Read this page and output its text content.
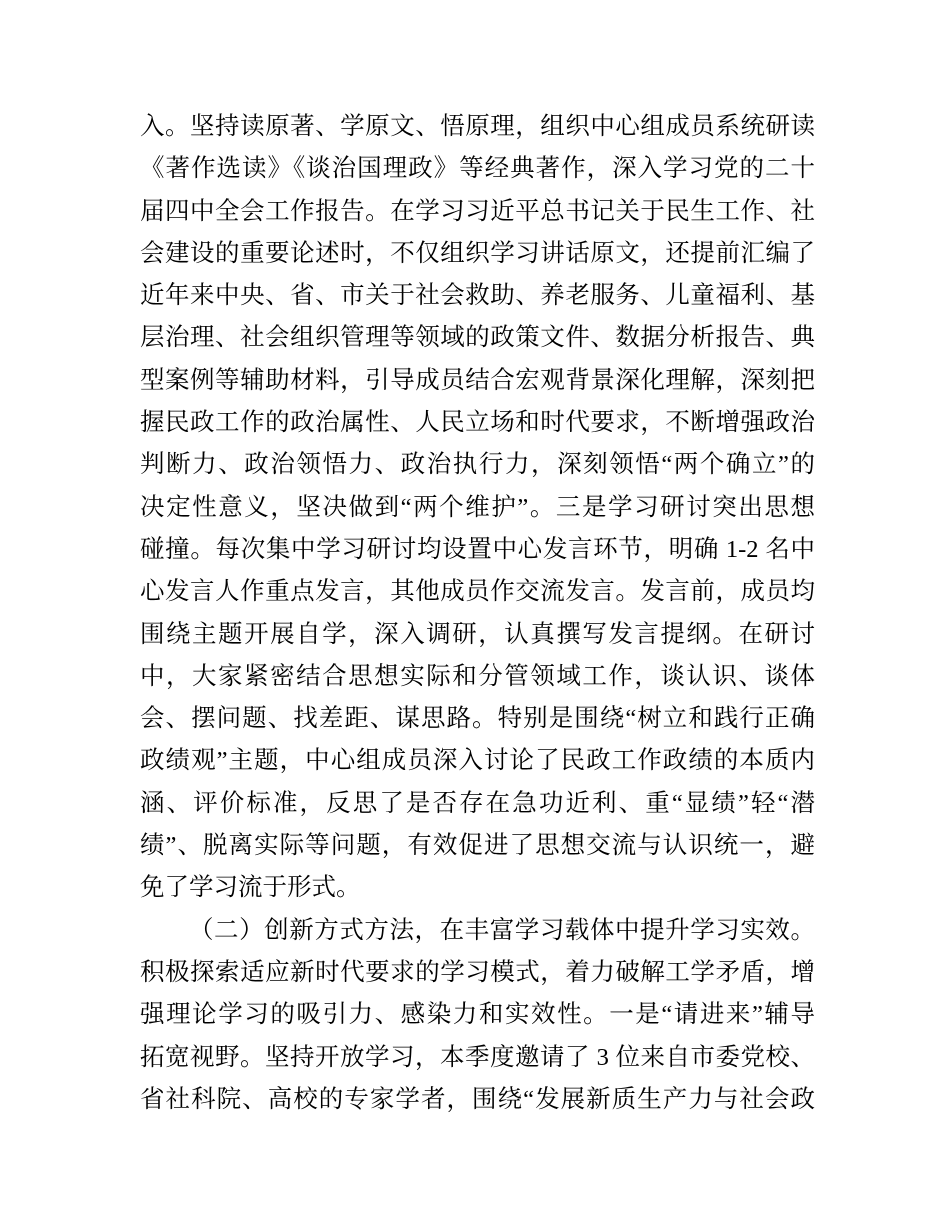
入。坚持读原著、学原文、悟原理，组织中心组成员系统研读
《著作选读》《谈治国理政》等经典著作，深入学习党的二十
届四中全会工作报告。在学习习近平总书记关于民生工作、社
会建设的重要论述时，不仅组织学习讲话原文，还提前汇编了
近年来中央、省、市关于社会救助、养老服务、儿童福利、基
层治理、社会组织管理等领域的政策文件、数据分析报告、典
型案例等辅助材料，引导成员结合宏观背景深化理解，深刻把
握民政工作的政治属性、人民立场和时代要求，不断增强政治
判断力、政治领悟力、政治执行力，深刻领悟“两个确立”的
决定性意义，坚决做到“两个维护”。三是学习研讨突出思想
碰撞。每次集中学习研讨均设置中心发言环节，明确 1-2 名中
心发言人作重点发言，其他成员作交流发言。发言前，成员均
围绕主题开展自学，深入调研，认真撰写发言提纲。在研讨
中，大家紧密结合思想实际和分管领域工作，谈认识、谈体
会、摆问题、找差距、谋思路。特别是围绕“树立和践行正确
政绩观”主题，中心组成员深入讨论了民政工作政绩的本质内
涵、评价标准，反思了是否存在急功近利、重“显绩”轻“潜
绩”、脱离实际等问题，有效促进了思想交流与认识统一，避
免了学习流于形式。
（二）创新方式方法，在丰富学习载体中提升学习实效。
积极探索适应新时代要求的学习模式，着力破解工学矛盾，增
强理论学习的吸引力、感染力和实效性。一是“请进来”辅导
拓宽视野。坚持开放学习，本季度邀请了 3 位来自市委党校、
省社科院、高校的专家学者，围绕“发展新质生产力与社会政
